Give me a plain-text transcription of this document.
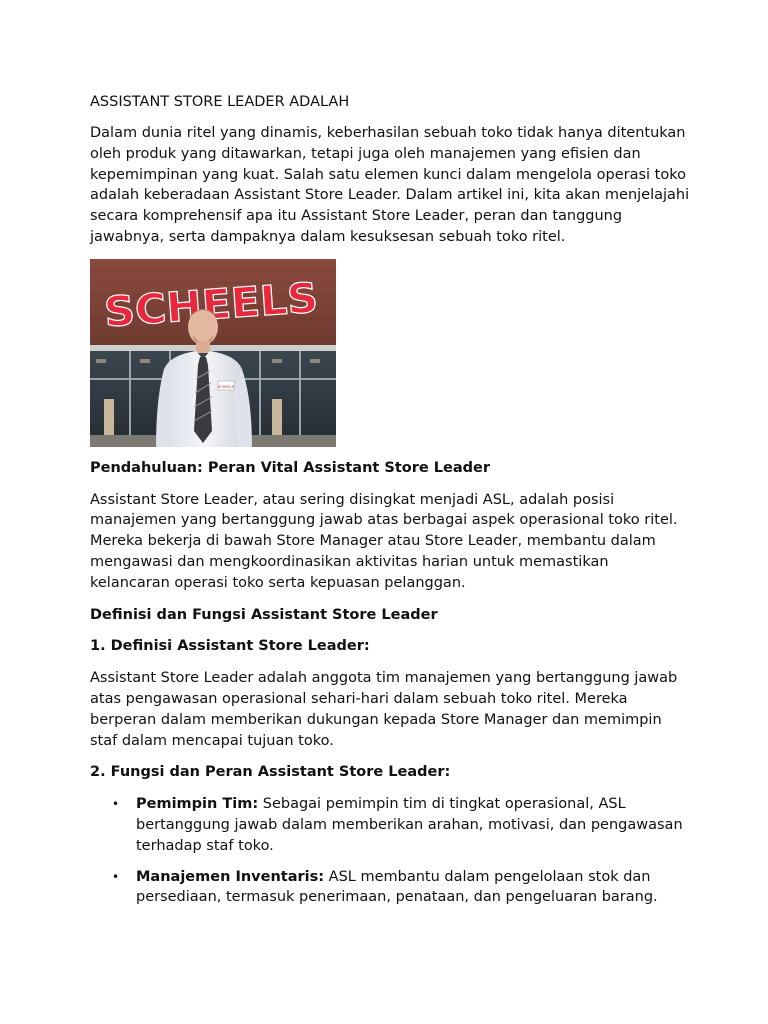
ASSISTANT STORE LEADER ADALAH

Dalam dunia ritel yang dinamis, keberhasilan sebuah toko tidak hanya ditentukan oleh produk yang ditawarkan, tetapi juga oleh manajemen yang efisien dan kepemimpinan yang kuat. Salah satu elemen kunci dalam mengelola operasi toko adalah keberadaan Assistant Store Leader. Dalam artikel ini, kita akan menjelajahi secara komprehensif apa itu Assistant Store Leader, peran dan tanggung jawabnya, serta dampaknya dalam kesuksesan sebuah toko ritel.

SCHEELS
SCHEELS
Pendahuluan: Peran Vital Assistant Store Leader

Assistant Store Leader, atau sering disingkat menjadi ASL, adalah posisi manajemen yang bertanggung jawab atas berbagai aspek operasional toko ritel. Mereka bekerja di bawah Store Manager atau Store Leader, membantu dalam mengawasi dan mengkoordinasikan aktivitas harian untuk memastikan kelancaran operasi toko serta kepuasan pelanggan.

Definisi dan Fungsi Assistant Store Leader
1. Definisi Assistant Store Leader:

Assistant Store Leader adalah anggota tim manajemen yang bertanggung jawab atas pengawasan operasional sehari-hari dalam sebuah toko ritel. Mereka berperan dalam memberikan dukungan kepada Store Manager dan memimpin staf dalam mencapai tujuan toko.

2. Fungsi dan Peran Assistant Store Leader:
• Pemimpin Tim: Sebagai pemimpin tim di tingkat operasional, ASL bertanggung jawab dalam memberikan arahan, motivasi, dan pengawasan terhadap staf toko.
• Manajemen Inventaris: ASL membantu dalam pengelolaan stok dan persediaan, termasuk penerimaan, penataan, dan pengeluaran barang.
